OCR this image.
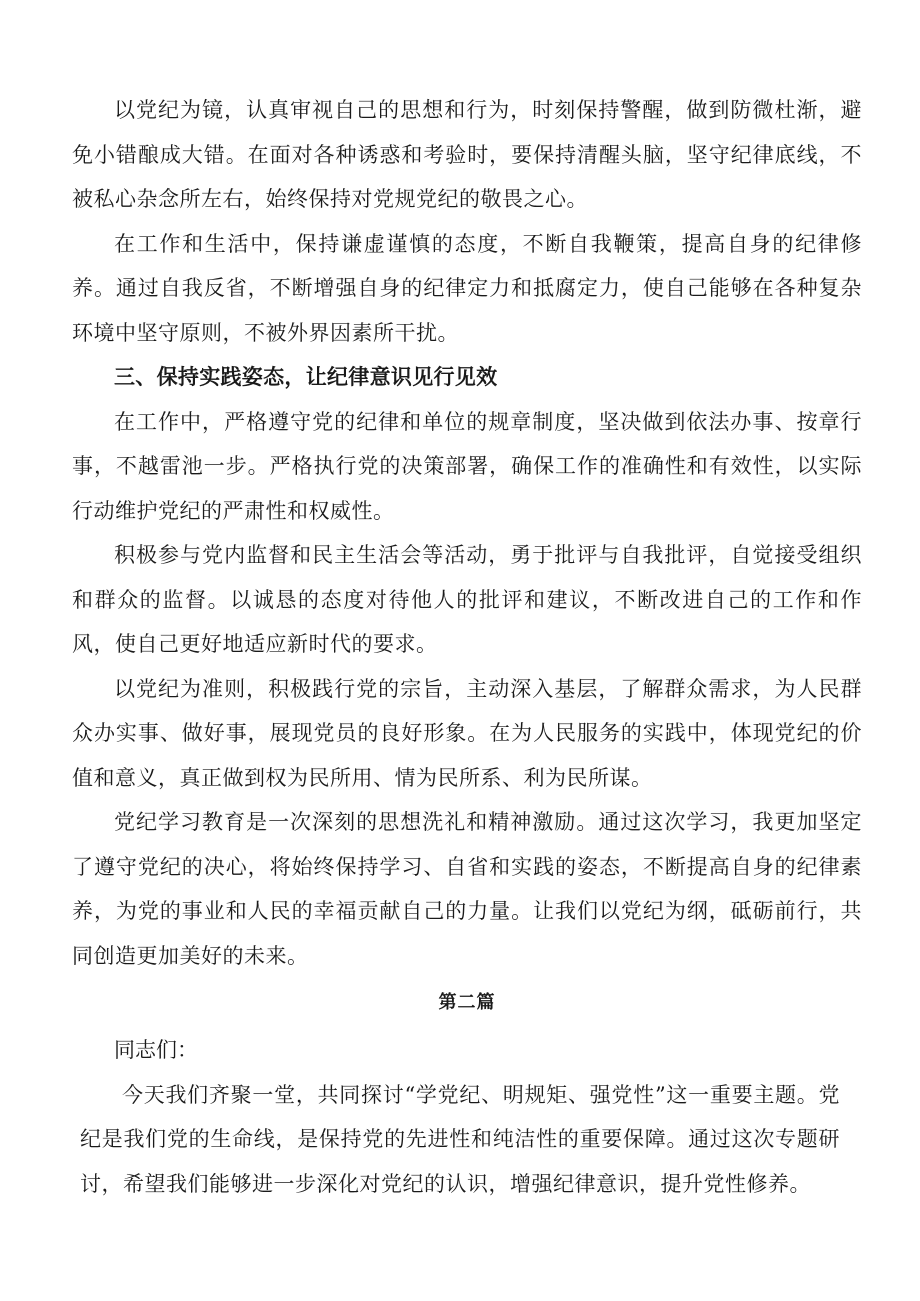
以党纪为镜，认真审视自己的思想和行为，时刻保持警醒，做到防微杜渐，避免小错酿成大错。在面对各种诱惑和考验时，要保持清醒头脑，坚守纪律底线，不被私心杂念所左右，始终保持对党规党纪的敬畏之心。

在工作和生活中，保持谦虚谨慎的态度，不断自我鞭策，提高自身的纪律修养。通过自我反省，不断增强自身的纪律定力和抵腐定力，使自己能够在各种复杂环境中坚守原则，不被外界因素所干扰。

三、保持实践姿态，让纪律意识见行见效

在工作中，严格遵守党的纪律和单位的规章制度，坚决做到依法办事、按章行事，不越雷池一步。严格执行党的决策部署，确保工作的准确性和有效性，以实际行动维护党纪的严肃性和权威性。

积极参与党内监督和民主生活会等活动，勇于批评与自我批评，自觉接受组织和群众的监督。以诚恳的态度对待他人的批评和建议，不断改进自己的工作和作风，使自己更好地适应新时代的要求。

以党纪为准则，积极践行党的宗旨，主动深入基层，了解群众需求，为人民群众办实事、做好事，展现党员的良好形象。在为人民服务的实践中，体现党纪的价值和意义，真正做到权为民所用、情为民所系、利为民所谋。

党纪学习教育是一次深刻的思想洗礼和精神激励。通过这次学习，我更加坚定了遵守党纪的决心，将始终保持学习、自省和实践的姿态，不断提高自身的纪律素养，为党的事业和人民的幸福贡献自己的力量。让我们以党纪为纲，砥砺前行，共同创造更加美好的未来。

第二篇

同志们：

今天我们齐聚一堂，共同探讨“学党纪、明规矩、强党性”这一重要主题。党纪是我们党的生命线，是保持党的先进性和纯洁性的重要保障。通过这次专题研讨，希望我们能够进一步深化对党纪的认识，增强纪律意识，提升党性修养。
